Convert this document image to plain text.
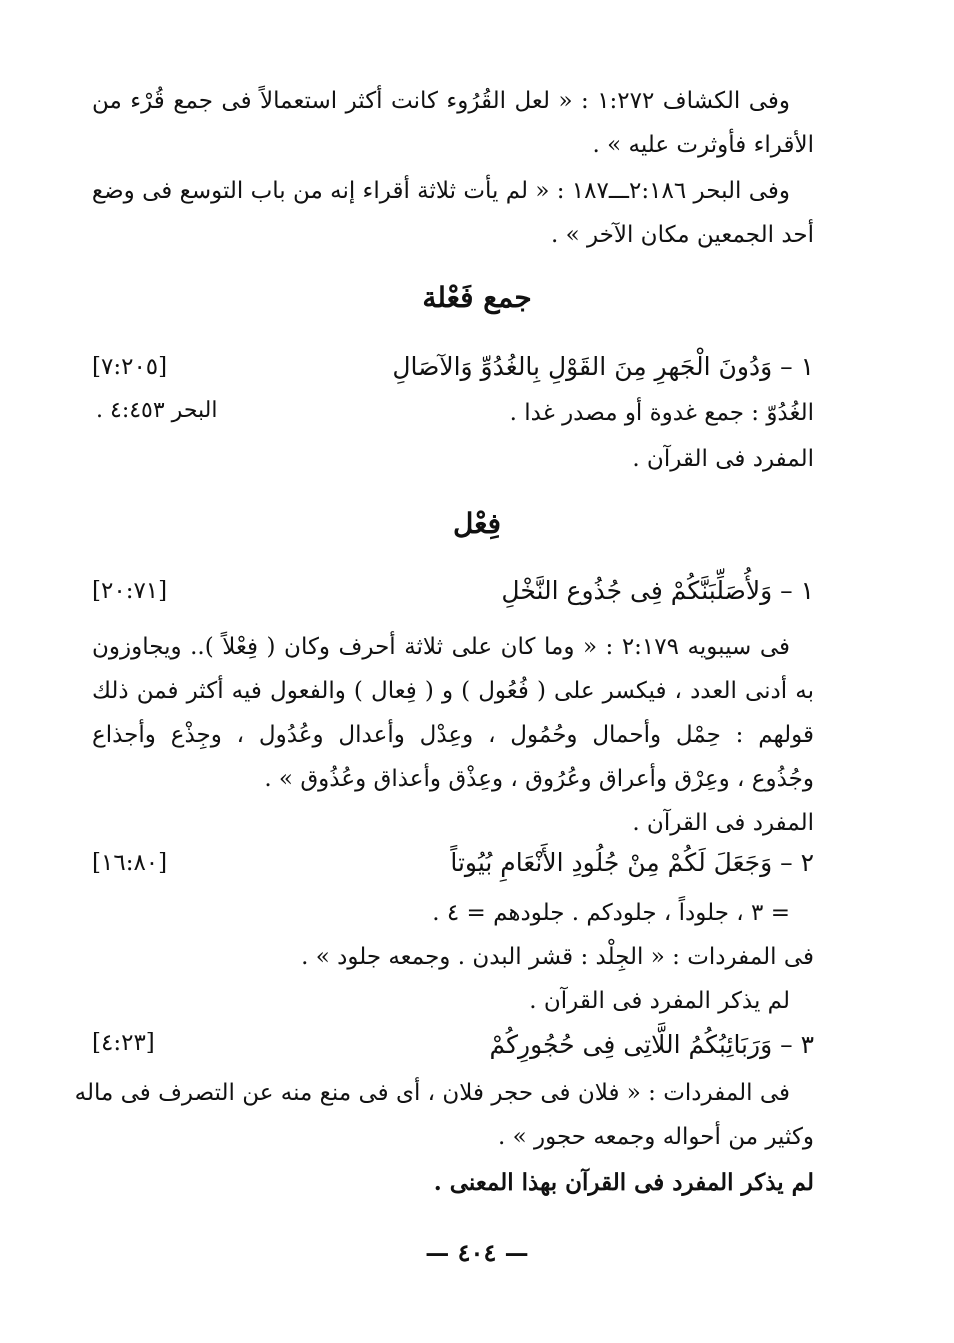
وفى الكشاف ١:٢٧٢ : « لعل القُرُوء كانت أكثر استعمالاً فى جمع قُرْء من
الأقراء فأوثرت عليه » .
وفى البحر ٢:١٨٦ـــ١٨٧ : « لم يأت ثلاثة أقراء إنه من باب التوسع فى وضع
أحد الجمعين مكان الآخر » .
جمع فَعْلة
١ – وَدُونَ الْجَهرِ مِنَ القَوْلِ بِالغُدُوِّ وَالآصَالِ
[٧:٢٠٥]
الغُدُوّ : جمع غدوة أو مصدر غدا .
البحر ٤:٤٥٣ .
المفرد فى القرآن .
فِعْل
١ – وَلأُصَلِّبَنَّكُمْ فِى جُذُوع النَّخْلِ
[٢٠:٧١]
فى سيبويه ٢:١٧٩ : « وما كان على ثلاثة أحرف وكان ( فِعْلاً ).. ويجاوزون
به أدنى العدد ، فيكسر على ( فُعُول ) و ( فِعال ) والفعول فيه أكثر فمن ذلك
قولهم : حِمْل وأحمال وحُمُول ، وعِدْل وأعدال وعُدُول ، وجِذْع وأجذاع
وجُذُوع ، وعِرْق وأعراق وعُرُوق ، وعِذْق وأعذاق وعُذُوق » .
المفرد فى القرآن .
٢ – وَجَعَلَ لَكُمْ مِنْ جُلُودِ الأَنْعَامِ بُيُوتاً
[١٦:٨٠]
= ٣ ، جلوداً ، جلودكم . جلودهم = ٤ .
فى المفردات : « الجِلْد : قشر البدن . وجمعه جلود » .
لم يذكر المفرد فى القرآن .
٣ – وَرَبَائِبُكُمُ اللَّاتِى فِى حُجُورِكُمْ
[٤:٢٣]
فى المفردات : « فلان فى حجر فلان ، أى فى منع منه عن التصرف فى ماله
وكثير من أحواله وجمعه حجور » .
لم يذكر المفرد فى القرآن بهذا المعنى .
— ٤٠٤ —
